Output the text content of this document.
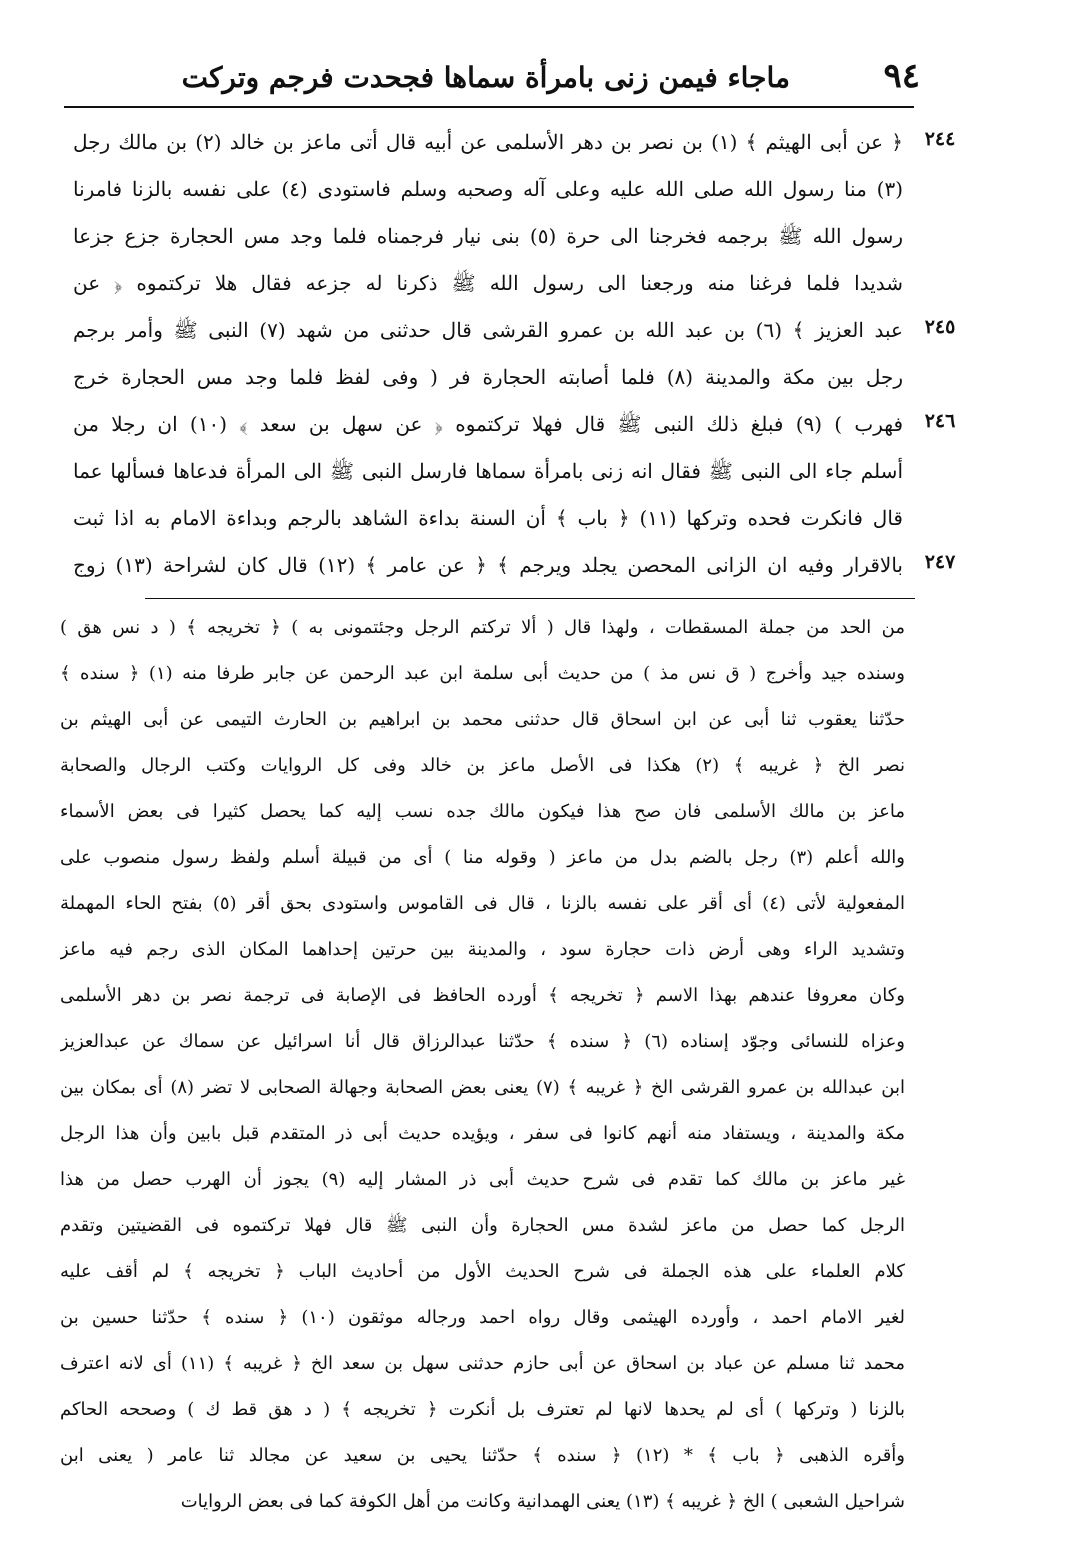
٩٤
ماجاء فيمن زنى بامرأة سماها فجحدت فرجم وتركت
٢٤٤
﴿ عن أبى الهيثم ﴾ (١) بن نصر بن دهر الأسلمى عن أبيه قال أتى ماعز بن خالد (٢) بن مالك رجل
(٣) منا رسول الله صلى الله عليه وعلى آله وصحبه وسلم فاستودى (٤) على نفسه بالزنا فامرنا
رسول الله ﷺ برجمه فخرجنا الى حرة (٥) بنى نيار فرجمناه فلما وجد مس الحجارة جزع جزعا
شديدا فلما فرغنا منه ورجعنا الى رسول الله ﷺ ذكرنا له جزعه فقال هلا تركتموه ﴿ عن
٢٤٥
عبد العزيز ﴾ (٦) بن عبد الله بن عمرو القرشى قال حدثنى من شهد (٧) النبى ﷺ وأمر برجم
رجل بين مكة والمدينة (٨) فلما أصابته الحجارة فر ( وفى لفظ فلما وجد مس الحجارة خرج
٢٤٦
فهرب ) (٩) فبلغ ذلك النبى ﷺ قال فهلا تركتموه ﴿ عن سهل بن سعد ﴾ (١٠) ان رجلا من
أسلم جاء الى النبى ﷺ فقال انه زنى بامرأة سماها فارسل النبى ﷺ الى المرأة فدعاها فسألها عما
قال فانكرت فحده وتركها (١١) ﴿ باب ﴾ أن السنة بداءة الشاهد بالرجم وبداءة الامام به اذا ثبت
٢٤٧
بالاقرار وفيه ان الزانى المحصن يجلد ويرجم ﴾ ﴿ عن عامر ﴾ (١٢) قال كان لشراحة (١٣) زوج
من الحد من جملة المسقطات ، ولهذا قال ( ألا تركتم الرجل وجئتمونى به ) ﴿ تخريجه ﴾ ( د نس هق )
وسنده جيد وأخرج ( ق نس مذ ) من حديث أبى سلمة ابن عبد الرحمن عن جابر طرفا منه (١) ﴿ سنده ﴾
حدّثنا يعقوب ثنا أبى عن ابن اسحاق قال حدثنى محمد بن ابراهيم بن الحارث التيمى عن أبى الهيثم بن
نصر الخ ﴿ غريبه ﴾ (٢) هكذا فى الأصل ماعز بن خالد وفى كل الروايات وكتب الرجال والصحابة
ماعز بن مالك الأسلمى فان صح هذا فيكون مالك جده نسب إليه كما يحصل كثيرا فى بعض الأسماء
والله أعلم (٣) رجل بالضم بدل من ماعز ( وقوله منا ) أى من قبيلة أسلم ولفظ رسول منصوب على
المفعولية لأتى (٤) أى أقر على نفسه بالزنا ، قال فى القاموس واستودى بحق أقر (٥) بفتح الحاء المهملة
وتشديد الراء وهى أرض ذات حجارة سود ، والمدينة بين حرتين إحداهما المكان الذى رجم فيه ماعز
وكان معروفا عندهم بهذا الاسم ﴿ تخريجه ﴾ أورده الحافظ فى الإصابة فى ترجمة نصر بن دهر الأسلمى
وعزاه للنسائى وجوّد إسناده (٦) ﴿ سنده ﴾ حدّثنا عبدالرزاق قال أنا اسرائيل عن سماك عن عبدالعزيز
ابن عبدالله بن عمرو القرشى الخ ﴿ غريبه ﴾ (٧) يعنى بعض الصحابة وجهالة الصحابى لا تضر (٨) أى بمكان بين
مكة والمدينة ، ويستفاد منه أنهم كانوا فى سفر ، ويؤيده حديث أبى ذر المتقدم قبل بابين وأن هذا الرجل
غير ماعز بن مالك كما تقدم فى شرح حديث أبى ذر المشار إليه (٩) يجوز أن الهرب حصل من هذا
الرجل كما حصل من ماعز لشدة مس الحجارة وأن النبى ﷺ قال فهلا تركتموه فى القضيتين وتقدم
كلام العلماء على هذه الجملة فى شرح الحديث الأول من أحاديث الباب ﴿ تخريجه ﴾ لم أقف عليه
لغير الامام احمد ، وأورده الهيثمى وقال رواه احمد ورجاله موثقون (١٠) ﴿ سنده ﴾ حدّثنا حسين بن
محمد ثنا مسلم عن عباد بن اسحاق عن أبى حازم حدثنى سهل بن سعد الخ ﴿ غريبه ﴾ (١١) أى لانه اعترف
بالزنا ( وتركها ) أى لم يحدها لانها لم تعترف بل أنكرت ﴿ تخريجه ﴾ ( د هق قط ك ) وصححه الحاكم
وأقره الذهبى ﴿ باب ﴾ * (١٢) ﴿ سنده ﴾ حدّثنا يحيى بن سعيد عن مجالد ثنا عامر ( يعنى ابن
شراحيل الشعبى ) الخ ﴿ غريبه ﴾ (١٣) يعنى الهمدانية وكانت من أهل الكوفة كما فى بعض الروايات
